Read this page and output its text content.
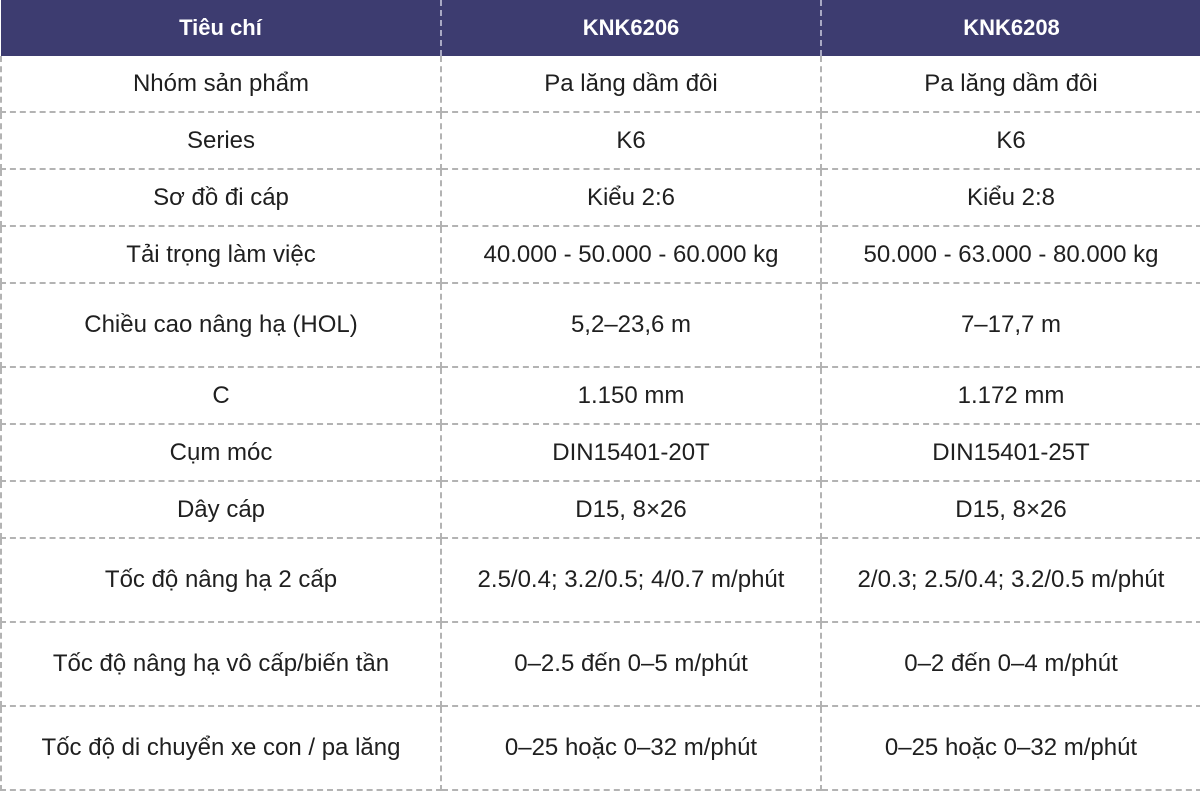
Tiêu chí	KNK6206	KNK6208
Nhóm sản phẩm	Pa lăng dầm đôi	Pa lăng dầm đôi
Series	K6	K6
Sơ đồ đi cáp	Kiểu 2:6	Kiểu 2:8
Tải trọng làm việc	40.000 - 50.000 - 60.000 kg	50.000 - 63.000 - 80.000 kg
Chiều cao nâng hạ (HOL)	5,2–23,6 m	7–17,7 m
C	1.150 mm	1.172 mm
Cụm móc	DIN15401-20T	DIN15401-25T
Dây cáp	D15, 8×26	D15, 8×26
Tốc độ nâng hạ 2 cấp	2.5/0.4; 3.2/0.5; 4/0.7 m/phút	2/0.3; 2.5/0.4; 3.2/0.5 m/phút
Tốc độ nâng hạ vô cấp/biến tần	0–2.5 đến 0–5 m/phút	0–2 đến 0–4 m/phút
Tốc độ di chuyển xe con / pa lăng	0–25 hoặc 0–32 m/phút	0–25 hoặc 0–32 m/phút
